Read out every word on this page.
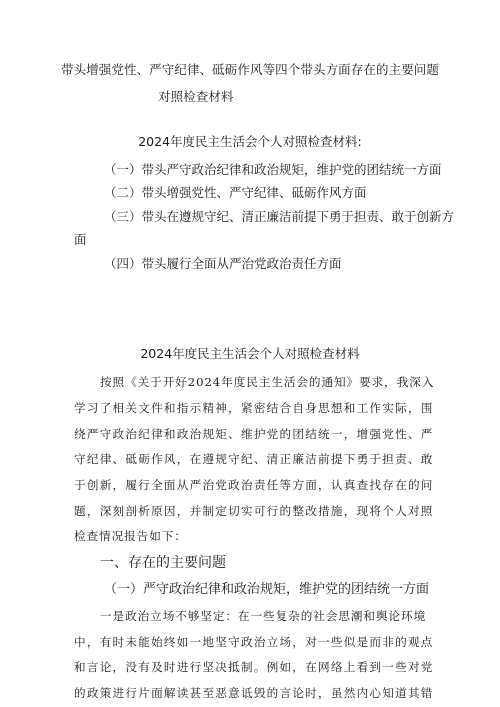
带头增强党性、严守纪律、砥砺作风等四个带头方面存在的主要问题
对照检查材料
2024年度民主生活会个人对照检查材料:
（一）带头严守政治纪律和政治规矩，维护党的团结统一方面
（二）带头增强党性、严守纪律、砥砺作风方面
（三）带头在遵规守纪、清正廉洁前提下勇于担责、敢于创新方
面
（四）带头履行全面从严治党政治责任方面
2024年度民主生活会个人对照检查材料
按照《关于开好2024年度民主生活会的通知》要求，我深入
学习了相关文件和指示精神，紧密结合自身思想和工作实际，围
绕严守政治纪律和政治规矩、维护党的团结统一，增强党性、严
守纪律、砥砺作风，在遵规守纪、清正廉洁前提下勇于担责、敢
于创新，履行全面从严治党政治责任等方面，认真查找存在的问
题，深刻剖析原因，并制定切实可行的整改措施，现将个人对照
检查情况报告如下：
一、存在的主要问题
（一）严守政治纪律和政治规矩，维护党的团结统一方面
一是政治立场不够坚定：在一些复杂的社会思潮和舆论环境
中，有时未能始终如一地坚守政治立场，对一些似是而非的观点
和言论，没有及时进行坚决抵制。例如，在网络上看到一些对党
的政策进行片面解读甚至恶意诋毁的言论时，虽然内心知道其错
